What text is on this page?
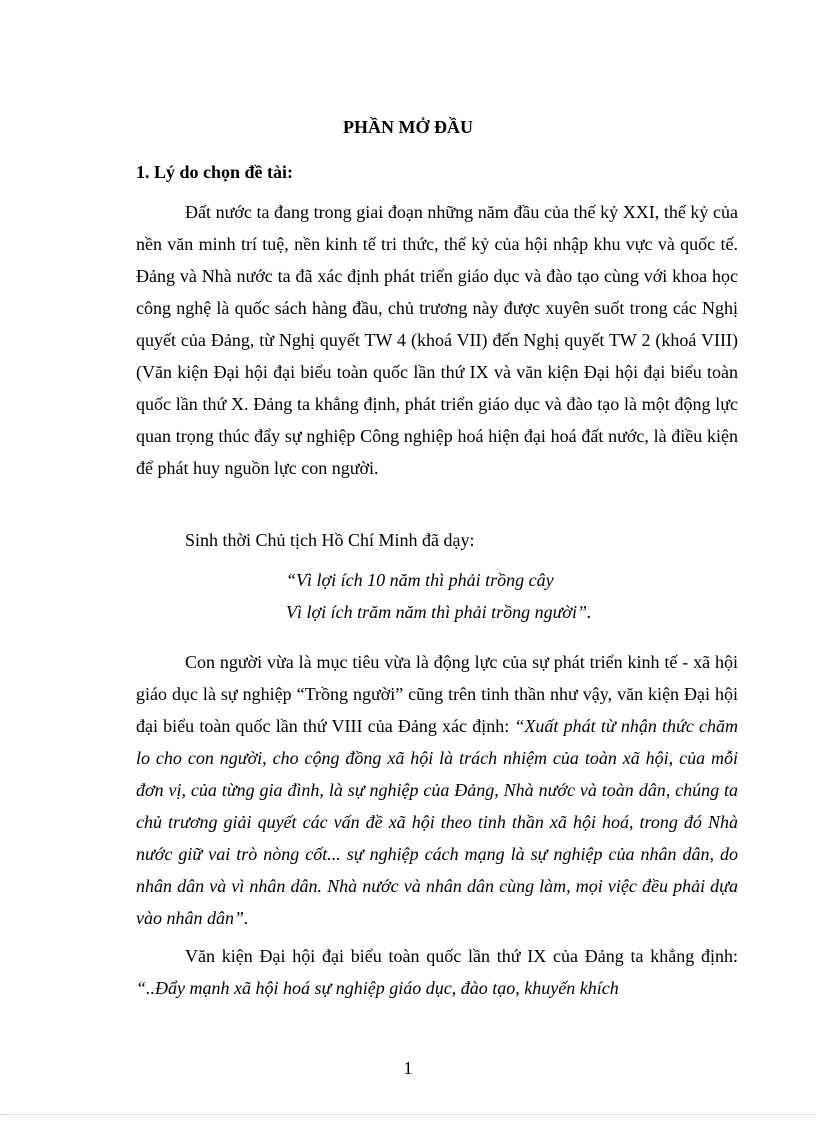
PHẦN MỞ ĐẦU
1. Lý do chọn đề tài:

Đất nước ta đang trong giai đoạn những năm đầu của thế kỷ XXI, thế kỷ của nền văn minh trí tuệ, nền kinh tế tri thức, thế kỷ của hội nhập khu vực và quốc tế. Đảng và Nhà nước ta đã xác định phát triển giáo dục và đào tạo cùng với khoa học công nghệ là quốc sách hàng đầu, chủ trương này được xuyên suốt trong các Nghị quyết của Đảng, từ Nghị quyết TW 4 (khoá VII) đến Nghị quyết TW 2 (khoá VIII) (Văn kiện Đại hội đại biểu toàn quốc lần thứ IX và văn kiện Đại hội đại biểu toàn quốc lần thứ X. Đảng ta khẳng định, phát triển giáo dục và đào tạo là một động lực quan trọng thúc đẩy sự nghiệp Công nghiệp hoá hiện đại hoá đất nước, là điều kiện để phát huy nguồn lực con người.

Sinh thời Chủ tịch Hồ Chí Minh đã dạy:

“Vì lợi ích 10 năm thì phải trồng cây

Vì lợi ích trăm năm thì phải trồng người”.

Con người vừa là mục tiêu vừa là động lực của sự phát triển kinh tế - xã hội giáo dục là sự nghiệp “Trồng người” cũng trên tinh thần như vậy, văn kiện Đại hội đại biểu toàn quốc lần thứ VIII của Đảng xác định: “Xuất phát từ nhận thức chăm lo cho con người, cho cộng đồng xã hội là trách nhiệm của toàn xã hội, của mỗi đơn vị, của từng gia đình, là sự nghiệp của Đảng, Nhà nước và toàn dân, chúng ta chủ trương giải quyết các vấn đề xã hội theo tinh thần xã hội hoá, trong đó Nhà nước giữ vai trò nòng cốt... sự nghiệp cách mạng là sự nghiệp của nhân dân, do nhân dân và vì nhân dân. Nhà nước và nhân dân cùng làm, mọi việc đều phải dựa vào nhân dân”.

Văn kiện Đại hội đại biểu toàn quốc lần thứ IX của Đảng ta khẳng định: “..Đẩy mạnh xã hội hoá sự nghiệp giáo dục, đào tạo, khuyến khích

1
